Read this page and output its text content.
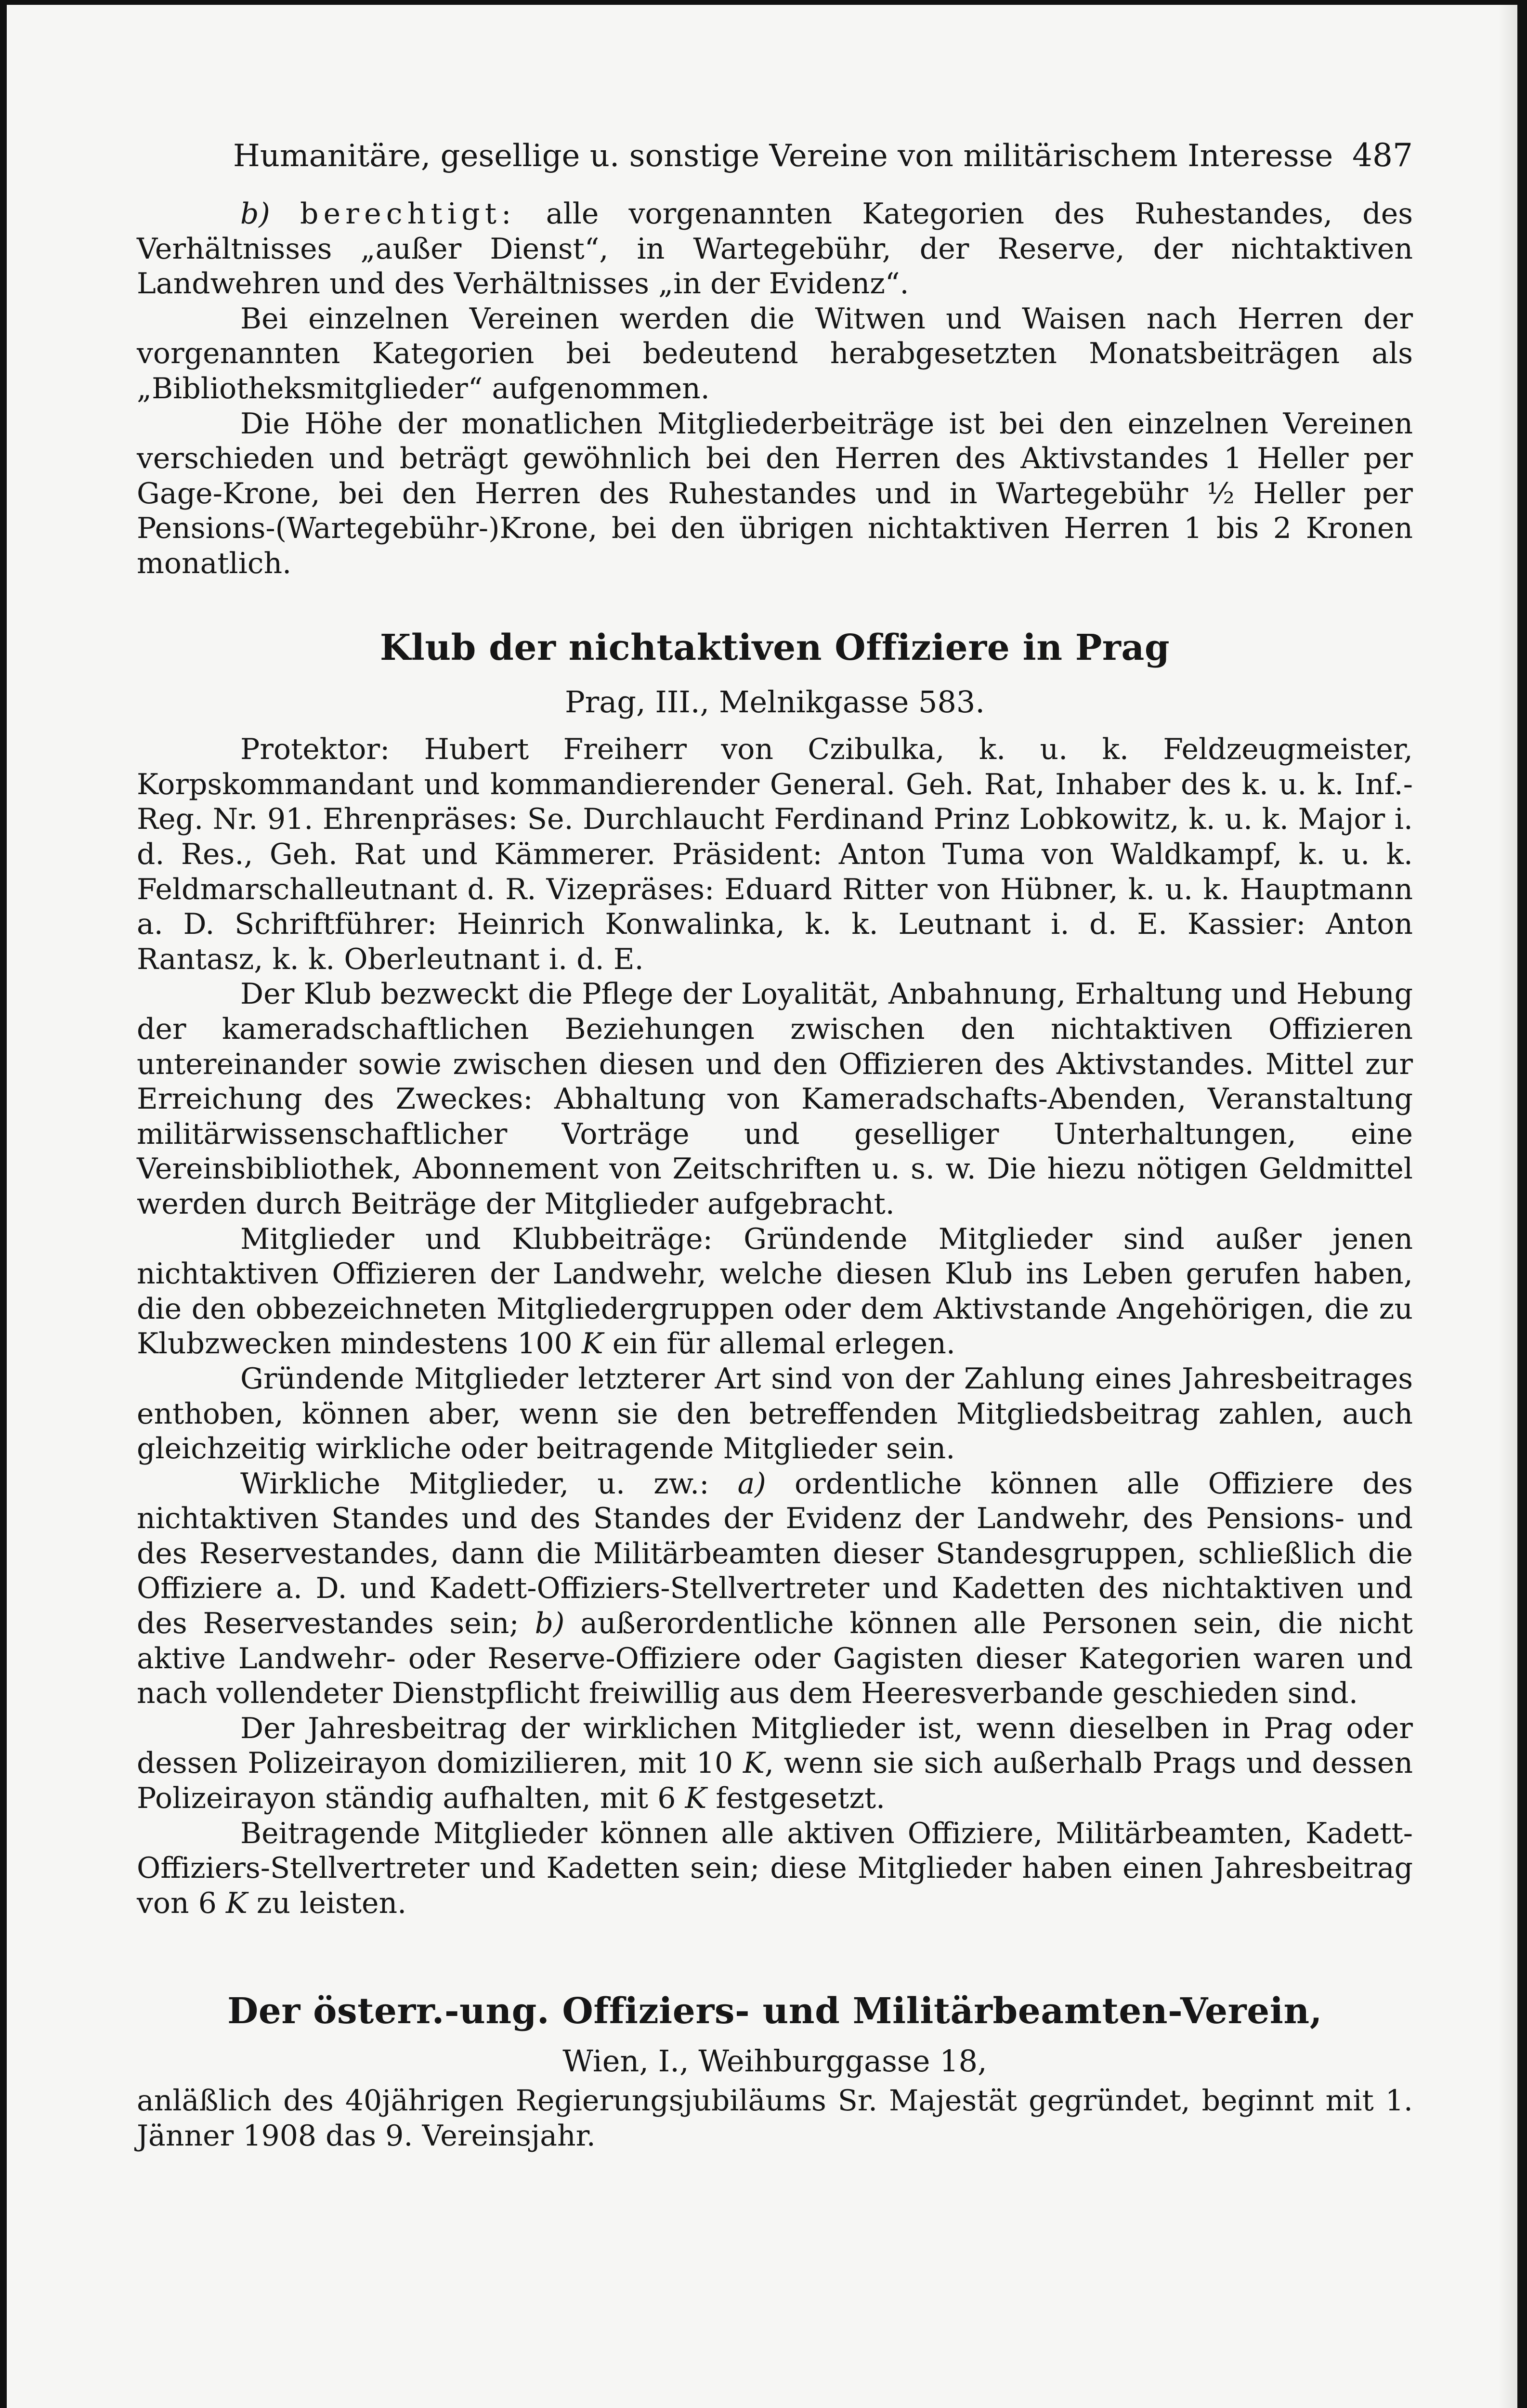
Humanitäre, gesellige u. sonstige Vereine von militärischem Interesse 487

b) berechtigt: alle vorgenannten Kategorien des Ruhestandes, des Verhältnisses „außer Dienst“, in Wartegebühr, der Reserve, der nichtaktiven Landwehren und des Verhältnisses „in der Evidenz“.

Bei einzelnen Vereinen werden die Witwen und Waisen nach Herren der vorgenannten Kategorien bei bedeutend herabgesetzten Monatsbeiträgen als „Bibliotheksmitglieder“ aufgenommen.

Die Höhe der monatlichen Mitgliederbeiträge ist bei den einzelnen Vereinen verschieden und beträgt gewöhnlich bei den Herren des Aktivstandes 1 Heller per Gage-Krone, bei den Herren des Ruhestandes und in Wartegebühr ½ Heller per Pensions-(Wartegebühr-)Krone, bei den übrigen nichtaktiven Herren 1 bis 2 Kronen monatlich.

Klub der nichtaktiven Offiziere in Prag

Prag, III., Melnikgasse 583.

Protektor: Hubert Freiherr von Czibulka, k. u. k. Feldzeugmeister, Korpskommandant und kommandierender General. Geh. Rat, Inhaber des k. u. k. Inf.-Reg. Nr. 91. Ehrenpräses: Se. Durchlaucht Ferdinand Prinz Lobkowitz, k. u. k. Major i. d. Res., Geh. Rat und Kämmerer. Präsident: Anton Tuma von Waldkampf, k. u. k. Feldmarschalleutnant d. R. Vizepräses: Eduard Ritter von Hübner, k. u. k. Hauptmann a. D. Schriftführer: Heinrich Konwalinka, k. k. Leutnant i. d. E. Kassier: Anton Rantasz, k. k. Oberleutnant i. d. E.

Der Klub bezweckt die Pflege der Loyalität, Anbahnung, Erhaltung und Hebung der kameradschaftlichen Beziehungen zwischen den nichtaktiven Offizieren untereinander sowie zwischen diesen und den Offizieren des Aktivstandes. Mittel zur Erreichung des Zweckes: Abhaltung von Kameradschafts-Abenden, Veranstaltung militärwissenschaftlicher Vorträge und geselliger Unterhaltungen, eine Vereinsbibliothek, Abonnement von Zeitschriften u. s. w. Die hiezu nötigen Geldmittel werden durch Beiträge der Mitglieder aufgebracht.

Mitglieder und Klubbeiträge: Gründende Mitglieder sind außer jenen nichtaktiven Offizieren der Landwehr, welche diesen Klub ins Leben gerufen haben, die den obbezeichneten Mitgliedergruppen oder dem Aktivstande Angehörigen, die zu Klubzwecken mindestens 100 K ein für allemal erlegen.

Gründende Mitglieder letzterer Art sind von der Zahlung eines Jahresbeitrages enthoben, können aber, wenn sie den betreffenden Mitgliedsbeitrag zahlen, auch gleichzeitig wirkliche oder beitragende Mitglieder sein.

Wirkliche Mitglieder, u. zw.: a) ordentliche können alle Offiziere des nichtaktiven Standes und des Standes der Evidenz der Landwehr, des Pensions- und des Reservestandes, dann die Militärbeamten dieser Standesgruppen, schließlich die Offiziere a. D. und Kadett-Offiziers-Stellvertreter und Kadetten des nichtaktiven und des Reservestandes sein; b) außerordentliche können alle Personen sein, die nicht aktive Landwehr- oder Reserve-Offiziere oder Gagisten dieser Kategorien waren und nach vollendeter Dienstpflicht freiwillig aus dem Heeresverbande geschieden sind.

Der Jahresbeitrag der wirklichen Mitglieder ist, wenn dieselben in Prag oder dessen Polizeirayon domizilieren, mit 10 K, wenn sie sich außerhalb Prags und dessen Polizeirayon ständig aufhalten, mit 6 K festgesetzt.

Beitragende Mitglieder können alle aktiven Offiziere, Militärbeamten, Kadett-Offiziers-Stellvertreter und Kadetten sein; diese Mitglieder haben einen Jahresbeitrag von 6 K zu leisten.

Der österr.-ung. Offiziers- und Militärbeamten-Verein,

Wien, I., Weihburggasse 18,

anläßlich des 40jährigen Regierungsjubiläums Sr. Majestät gegründet, beginnt mit 1. Jänner 1908 das 9. Vereinsjahr.
